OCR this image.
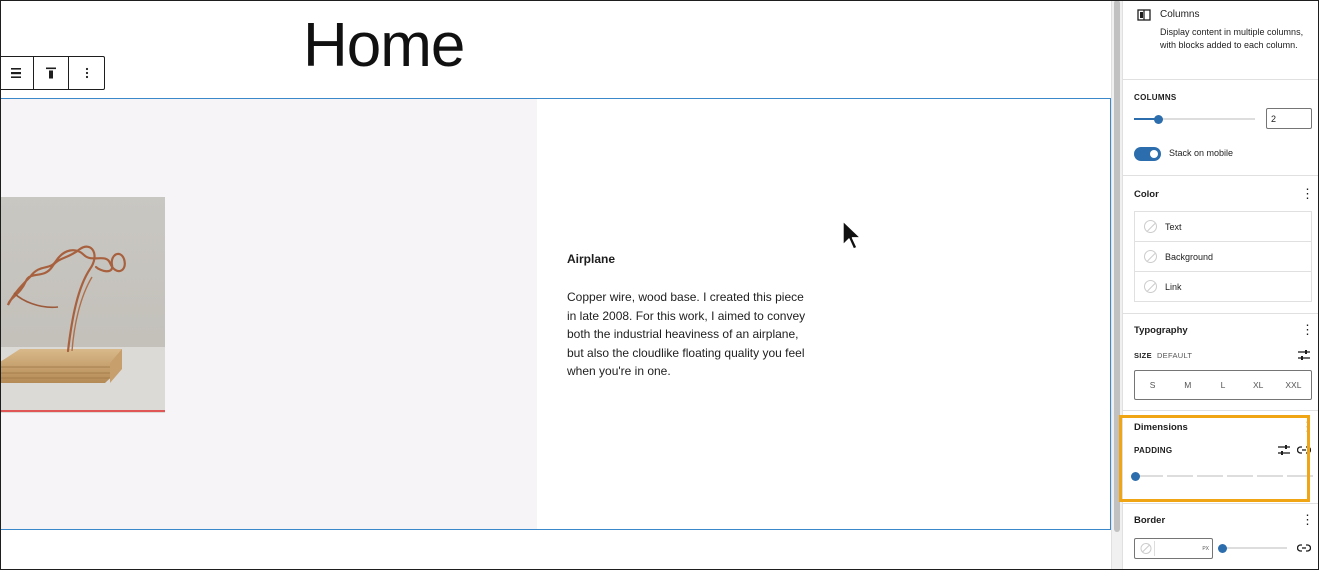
Home
Airplane
Copper wire, wood base. I created this piece in late 2008. For this work, I aimed to convey both the industrial heaviness of an airplane, but also the cloudlike floating quality you feel when you're in one.
Columns
Display content in multiple columns, with blocks added to each column.
COLUMNS
2
Stack on mobile
Color	⋮
Text
Background
Link
Typography	⋮
SIZE DEFAULT
S	M	L	XL	XXL
Dimensions	⋮
PADDING
Border	⋮
PX
